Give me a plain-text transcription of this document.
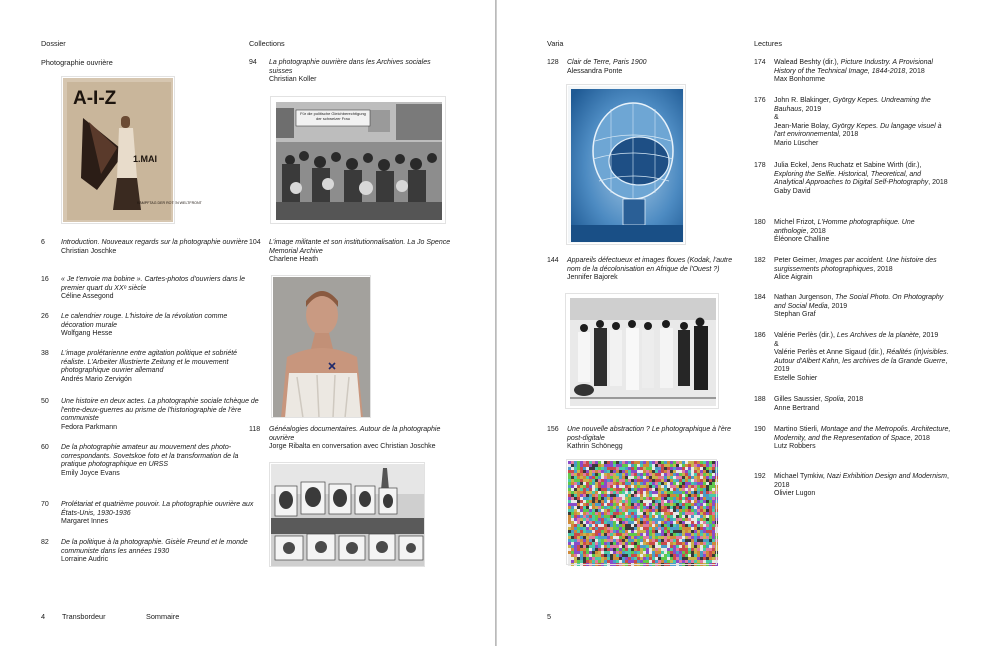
Dossier	Collections
Photographie ouvrière
A-I-Z
1.MAI
KÄMPFTAG DER ROTEN WELTFRONT
6 Introduction. Nouveaux regards sur la photographie ouvrière
Christian Joschke
16 « Je t'envoie ma bobine ». Cartes-photos d'ouvriers dans le premier quart du XXᵉ siècle
Céline Assegond
26 Le calendrier rouge. L'histoire de la révolution comme décoration murale
Wolfgang Hesse
38 L'image prolétarienne entre agitation politique et sobriété réaliste. L'Arbeiter Illustrierte Zeitung et le mouvement photographique ouvrier allemand
Andrés Mario Zervigón
50 Une histoire en deux actes. La photographie sociale tchèque de l'entre-deux-guerres au prisme de l'historiographie de l'ère communiste
Fedora Parkmann
60 De la photographie amateur au mouvement des photo-correspondants. Sovetskoe foto et la transformation de la pratique photographique en URSS
Emily Joyce Evans
70 Prolétariat et quatrième pouvoir. La photographie ouvrière aux États-Unis, 1930-1936
Margaret Innes
82 De la politique à la photographie. Gisèle Freund et le monde communiste dans les années 1930
Lorraine Audric
94 La photographie ouvrière dans les Archives sociales suisses
Christian Koller
Für die politische Gleichberechtigung der schweizer Frau
104 L'image militante et son institutionnalisation. La Jo Spence Memorial Archive
Charlene Heath
118 Généalogies documentaires. Autour de la photographie ouvrière
Jorge Ribalta en conversation avec Christian Joschke
4 Transbordeur	Sommaire
Varia	Lectures
128 Clair de Terre, Paris 1900
Alessandra Ponte
144 Appareils défectueux et images floues (Kodak, l'autre nom de la décolonisation en Afrique de l'Ouest ?)
Jennifer Bajorek
156 Une nouvelle abstraction ? Le photographique à l'ère post-digitale
Kathrin Schönegg
174 Walead Beshty (dir.), Picture Industry. A Provisional History of the Technical Image, 1844-2018, 2018
Max Bonhomme
176 John R. Blakinger, György Kepes. Undreaming the Bauhaus, 2019
&
Jean-Marie Bolay, György Kepes. Du langage visuel à l'art environnemental, 2018
Mario Lüscher
178 Julia Eckel, Jens Ruchatz et Sabine Wirth (dir.), Exploring the Selfie. Historical, Theoretical, and Analytical Approaches to Digital Self-Photography, 2018
Gaby David
180 Michel Frizot, L'Homme photographique. Une anthologie, 2018
Éléonore Challine
182 Peter Geimer, Images par accident. Une histoire des surgissements photographiques, 2018
Alice Aigrain
184 Nathan Jurgenson, The Social Photo. On Photography and Social Media, 2019
Stephan Graf
186 Valérie Perlès (dir.), Les Archives de la planète, 2019
&
Valérie Perlès et Anne Sigaud (dir.), Réalités (in)visibles. Autour d'Albert Kahn, les archives de la Grande Guerre, 2019
Estelle Sohier
188 Gilles Saussier, Spolia, 2018
Anne Bertrand
190 Martino Stierli, Montage and the Metropolis. Architecture, Modernity, and the Representation of Space, 2018
Lutz Robbers
192 Michael Tymkiw, Nazi Exhibition Design and Modernism, 2018
Olivier Lugon
5
